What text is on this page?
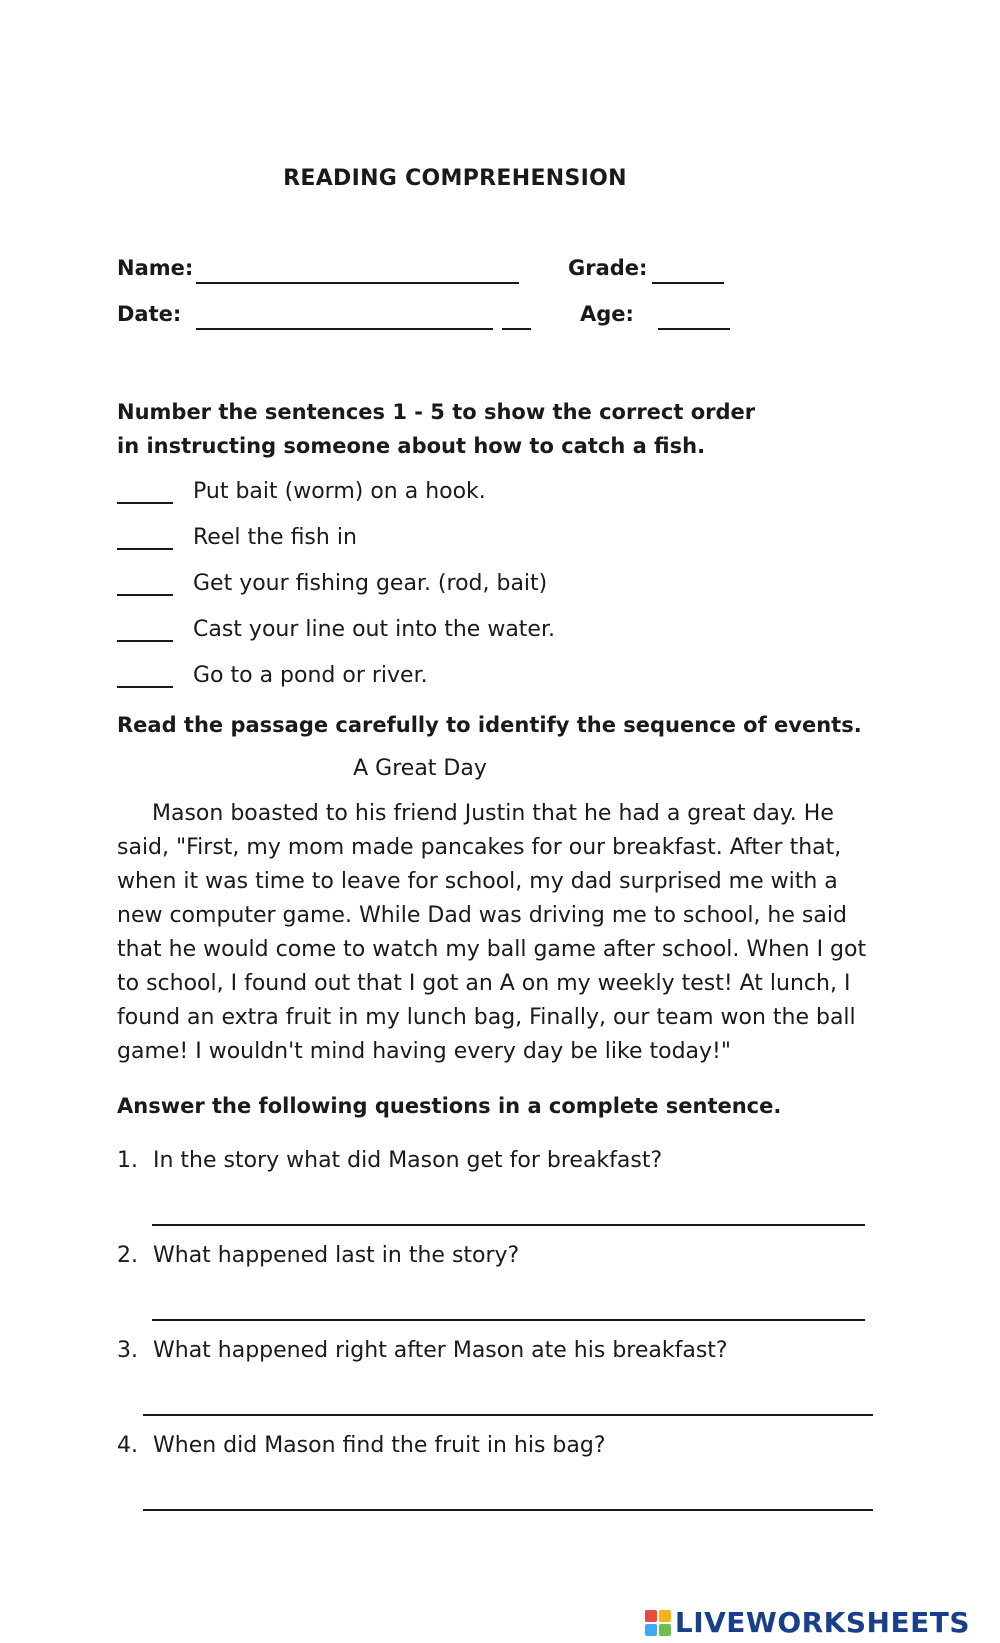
READING COMPREHENSION
Name:	Grade:
Date:	Age:
Number the sentences 1 - 5 to show the correct order in instructing someone about how to catch a fish.
Put bait (worm) on a hook.
Reel the fish in
Get your fishing gear. (rod, bait)
Cast your line out into the water.
Go to a pond or river.
Read the passage carefully to identify the sequence of events.
A Great Day
Mason boasted to his friend Justin that he had a great day. He said, "First, my mom made pancakes for our breakfast. After that, when it was time to leave for school, my dad surprised me with a new computer game. While Dad was driving me to school, he said that he would come to watch my ball game after school. When I got to school, I found out that I got an A on my weekly test! At lunch, I found an extra fruit in my lunch bag, Finally, our team won the ball game! I wouldn't mind having every day be like today!"
Answer the following questions in a complete sentence.
1. In the story what did Mason get for breakfast?
2. What happened last in the story?
3. What happened right after Mason ate his breakfast?
4. When did Mason find the fruit in his bag?
LIVEWORKSHEETS
